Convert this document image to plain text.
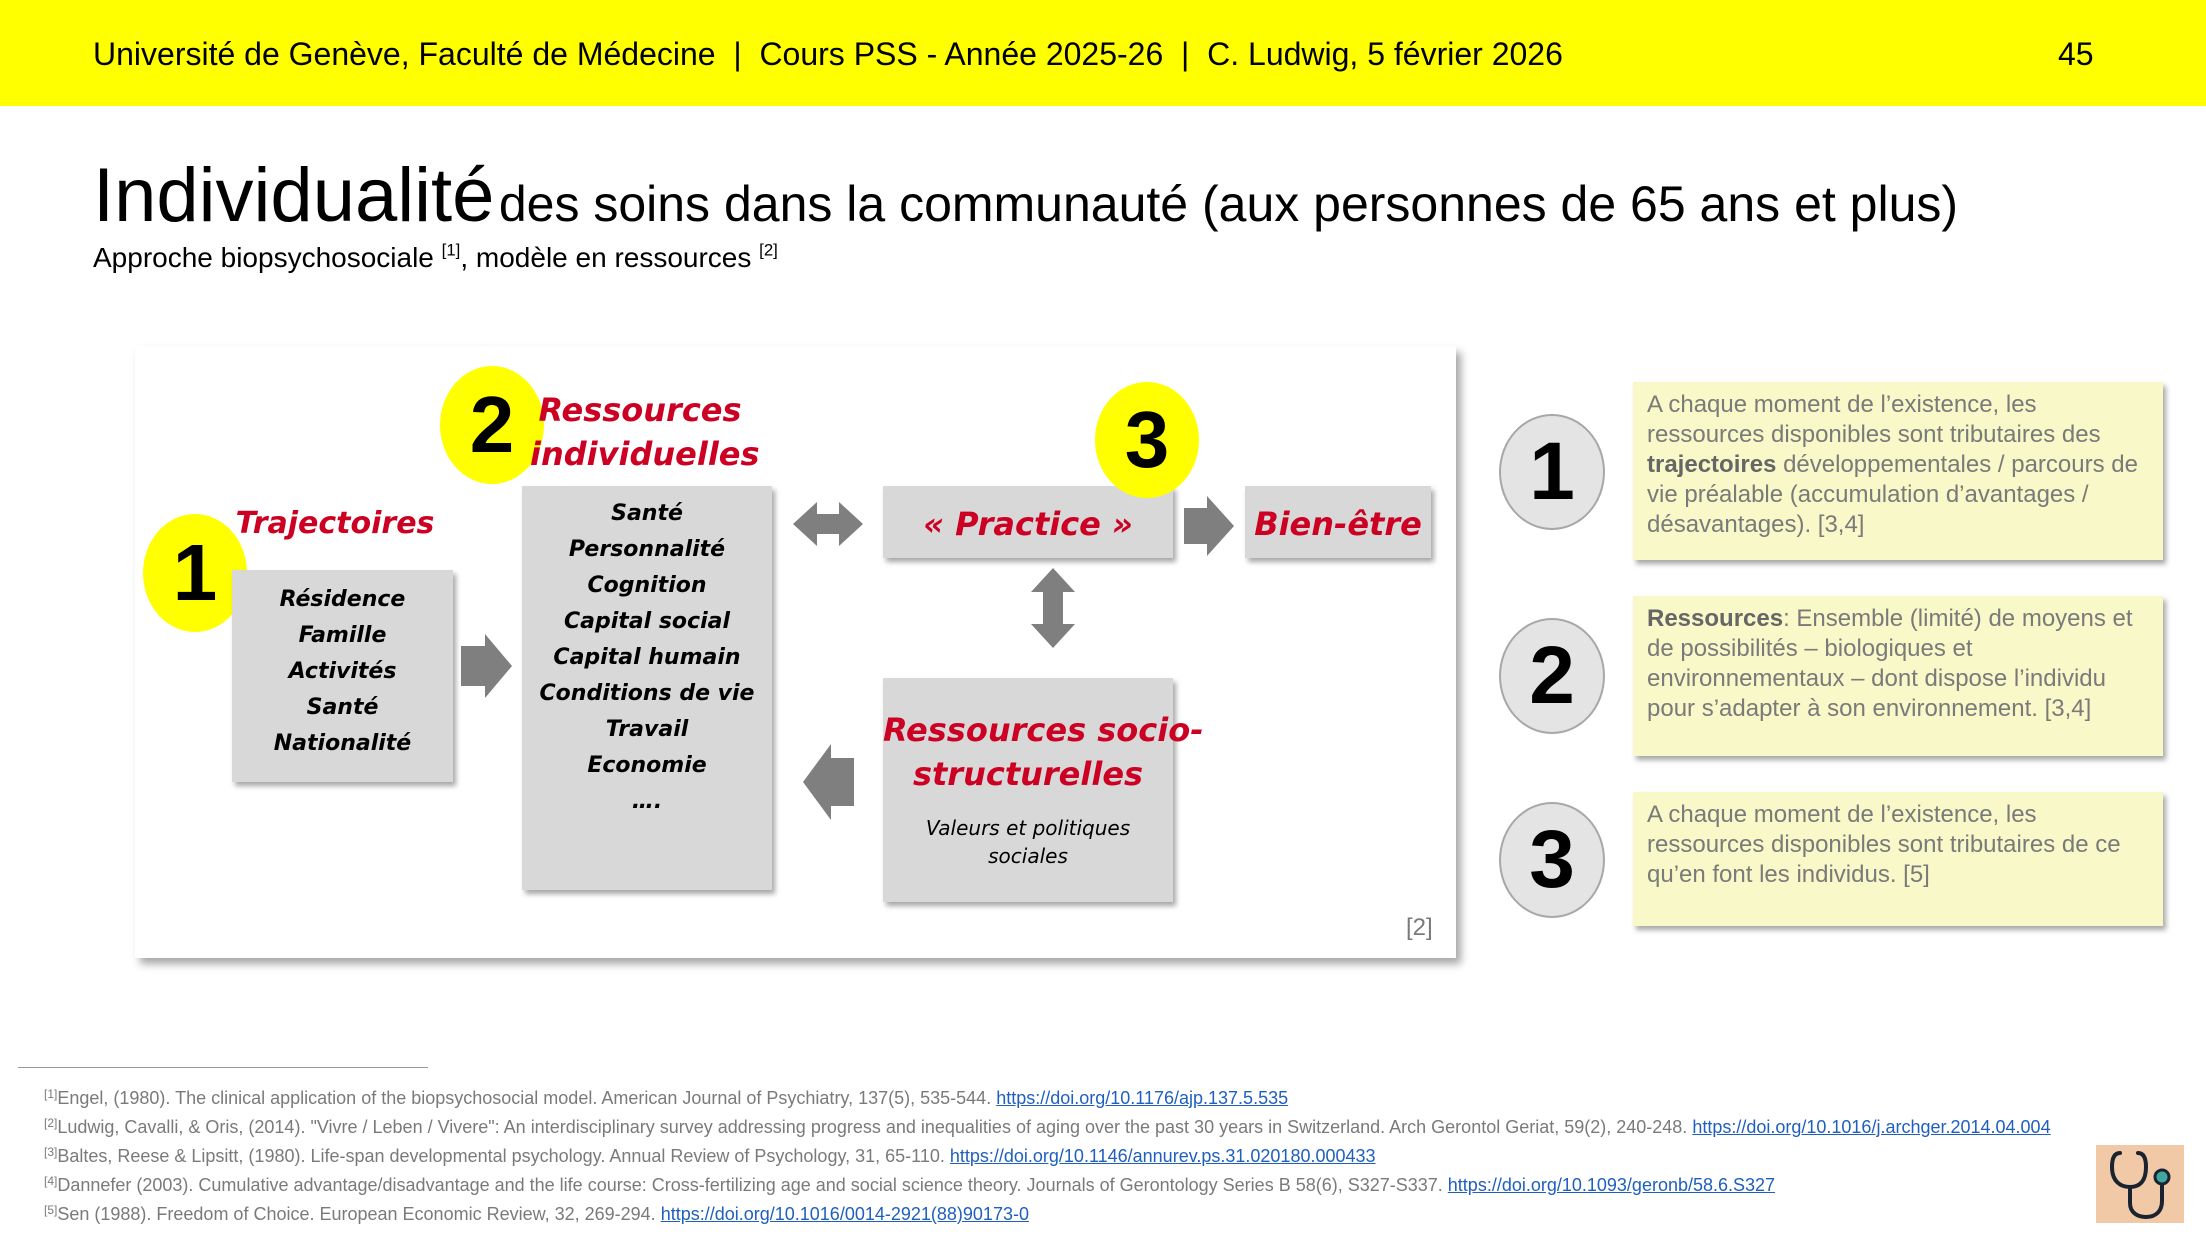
Université de Genève, Faculté de Médecine  |  Cours PSS - Année 2025-26  |  C. Ludwig, 5 février 2026	45
Individualité des soins dans la communauté (aux personnes de 65 ans et plus)
Approche biopsychosociale [1], modèle en ressources [2]
1
Trajectoires
Résidence
Famille
Activités
Santé
Nationalité
2 Ressources
individuelles
Santé
Personnalité
Cognition
Capital social
Capital humain
Conditions de vie
Travail
Economie
….
« Practice »
3
Bien-être
Ressources socio-
structurelles
Valeurs et politiques
sociales
[2]
1
A chaque moment de l’existence, les ressources disponibles sont tributaires des trajectoires développementales / parcours de vie préalable (accumulation d’avantages / désavantages). [3,4]
2
Ressources: Ensemble (limité) de moyens et de possibilités – biologiques et environnementaux – dont dispose l’individu pour s’adapter à son environnement. [3,4]
3	A chaque moment de l’existence, les ressources disponibles sont tributaires de ce qu’en font les individus. [5]
[1]Engel, (1980). The clinical application of the biopsychosocial model. American Journal of Psychiatry, 137(5), 535-544. https://doi.org/10.1176/ajp.137.5.535
[2]Ludwig, Cavalli, & Oris, (2014). "Vivre / Leben / Vivere": An interdisciplinary survey addressing progress and inequalities of aging over the past 30 years in Switzerland. Arch Gerontol Geriat, 59(2), 240-248. https://doi.org/10.1016/j.archger.2014.04.004
[3]Baltes, Reese & Lipsitt, (1980). Life-span developmental psychology. Annual Review of Psychology, 31, 65-110. https://doi.org/10.1146/annurev.ps.31.020180.000433
[4]Dannefer (2003). Cumulative advantage/disadvantage and the life course: Cross-fertilizing age and social science theory. Journals of Gerontology Series B 58(6), S327-S337. https://doi.org/10.1093/geronb/58.6.S327
[5]Sen (1988). Freedom of Choice. European Economic Review, 32, 269-294. https://doi.org/10.1016/0014-2921(88)90173-0
